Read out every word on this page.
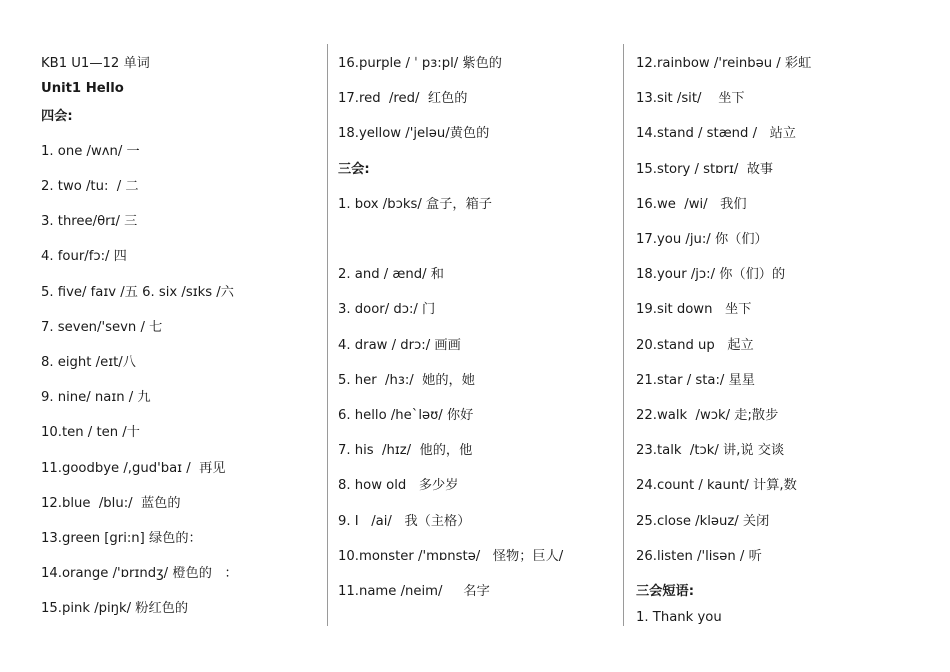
KB1 U1—12 单词
Unit1 Hello
四会:
1. one /wʌn/ 一
2. two /tu:  / 二
3. three/θrɪ/ 三
4. four/fɔ:/ 四
5. five/ faɪv /五 6. six /sɪks /六
7. seven/'sevn / 七
8. eight /eɪt/八
9. nine/ naɪn / 九
10.ten / ten /十
11.goodbye /,gud'baɪ /  再见
12.blue  /blu:/  蓝色的
13.green [gri:n] 绿色的：
14.orange /'ɒrɪndʒ/ 橙色的   ：
15.pink /piŋk/ 粉红色的
16.purple / ˈ pɜ:pl/ 紫色的
17.red  /red/  红色的
18.yellow /'jeləu/黄色的
三会:
1. box /bɔks/ 盒子，箱子
2. and / ænd/ 和
3. door/ dɔ:/ 门
4. draw / drɔ:/ 画画
5. her  /hɜ:/  她的，她
6. hello /he`ləʊ/ 你好
7. his  /hɪz/  他的，他
8. how old   多少岁
9. I   /ai/   我（主格）
10.monster /'mɒnstə/   怪物；巨人/
11.name /neim/     名字
12.rainbow /'reinbəu / 彩虹
13.sit /sit/    坐下
14.stand / stænd /   站立
15.story / stɒrɪ/  故事
16.we  /wi/   我们
17.you /ju:/ 你（们）
18.your /jɔ:/ 你（们）的
19.sit down   坐下
20.stand up   起立
21.star / sta:/ 星星
22.walk  /wɔk/ 走;散步
23.talk  /tɔk/ 讲,说 交谈
24.count / kaunt/ 计算,数
25.close /kləuz/ 关闭
26.listen /'lisən / 听
三会短语:
1. Thank you
